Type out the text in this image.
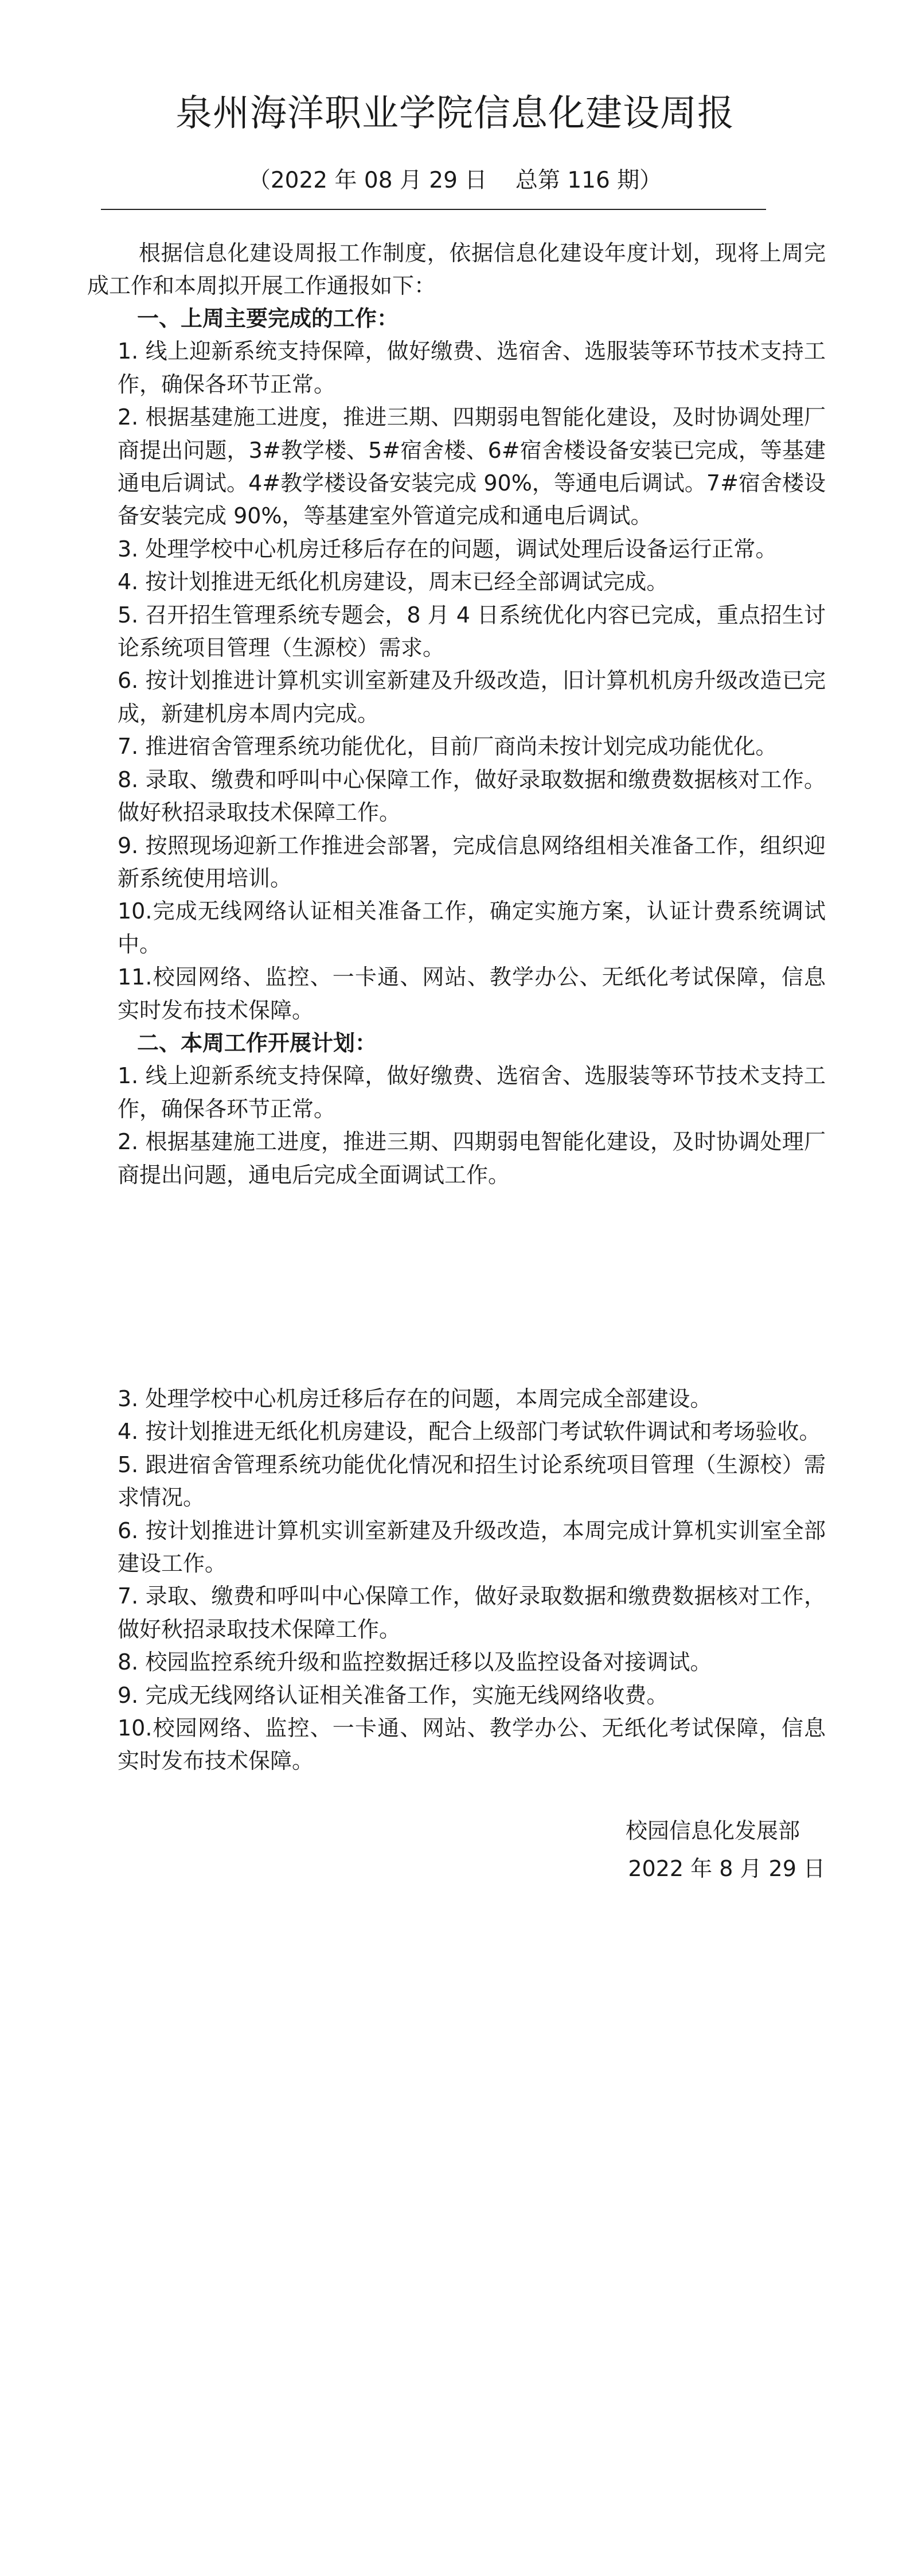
泉州海洋职业学院信息化建设周报
（2022 年 08 月 29 日    总第 116 期）
根据信息化建设周报工作制度，依据信息化建设年度计划，现将上周完成工作和本周拟开展工作通报如下：
一、上周主要完成的工作：

1. 线上迎新系统支持保障，做好缴费、选宿舍、选服装等环节技术支持工作，确保各环节正常。

2. 根据基建施工进度，推进三期、四期弱电智能化建设，及时协调处理厂商提出问题，3#教学楼、5#宿舍楼、6#宿舍楼设备安装已完成，等基建通电后调试。4#教学楼设备安装完成 90%，等通电后调试。7#宿舍楼设备安装完成 90%，等基建室外管道完成和通电后调试。

3. 处理学校中心机房迁移后存在的问题，调试处理后设备运行正常。

4. 按计划推进无纸化机房建设，周末已经全部调试完成。

5. 召开招生管理系统专题会，8 月 4 日系统优化内容已完成，重点招生讨论系统项目管理（生源校）需求。

6. 按计划推进计算机实训室新建及升级改造，旧计算机机房升级改造已完成，新建机房本周内完成。

7. 推进宿舍管理系统功能优化，目前厂商尚未按计划完成功能优化。

8. 录取、缴费和呼叫中心保障工作，做好录取数据和缴费数据核对工作。做好秋招录取技术保障工作。

9. 按照现场迎新工作推进会部署，完成信息网络组相关准备工作，组织迎新系统使用培训。

10.完成无线网络认证相关准备工作，确定实施方案，认证计费系统调试中。

11.校园网络、监控、一卡通、网站、教学办公、无纸化考试保障，信息实时发布技术保障。

二、本周工作开展计划：

1. 线上迎新系统支持保障，做好缴费、选宿舍、选服装等环节技术支持工作，确保各环节正常。

2. 根据基建施工进度，推进三期、四期弱电智能化建设，及时协调处理厂商提出问题，通电后完成全面调试工作。

3. 处理学校中心机房迁移后存在的问题，本周完成全部建设。

4. 按计划推进无纸化机房建设，配合上级部门考试软件调试和考场验收。

5. 跟进宿舍管理系统功能优化情况和招生讨论系统项目管理（生源校）需求情况。

6. 按计划推进计算机实训室新建及升级改造，本周完成计算机实训室全部建设工作。

7. 录取、缴费和呼叫中心保障工作，做好录取数据和缴费数据核对工作，做好秋招录取技术保障工作。

8. 校园监控系统升级和监控数据迁移以及监控设备对接调试。

9. 完成无线网络认证相关准备工作，实施无线网络收费。

10.校园网络、监控、一卡通、网站、教学办公、无纸化考试保障，信息实时发布技术保障。

校园信息化发展部
2022 年 8 月 29 日
